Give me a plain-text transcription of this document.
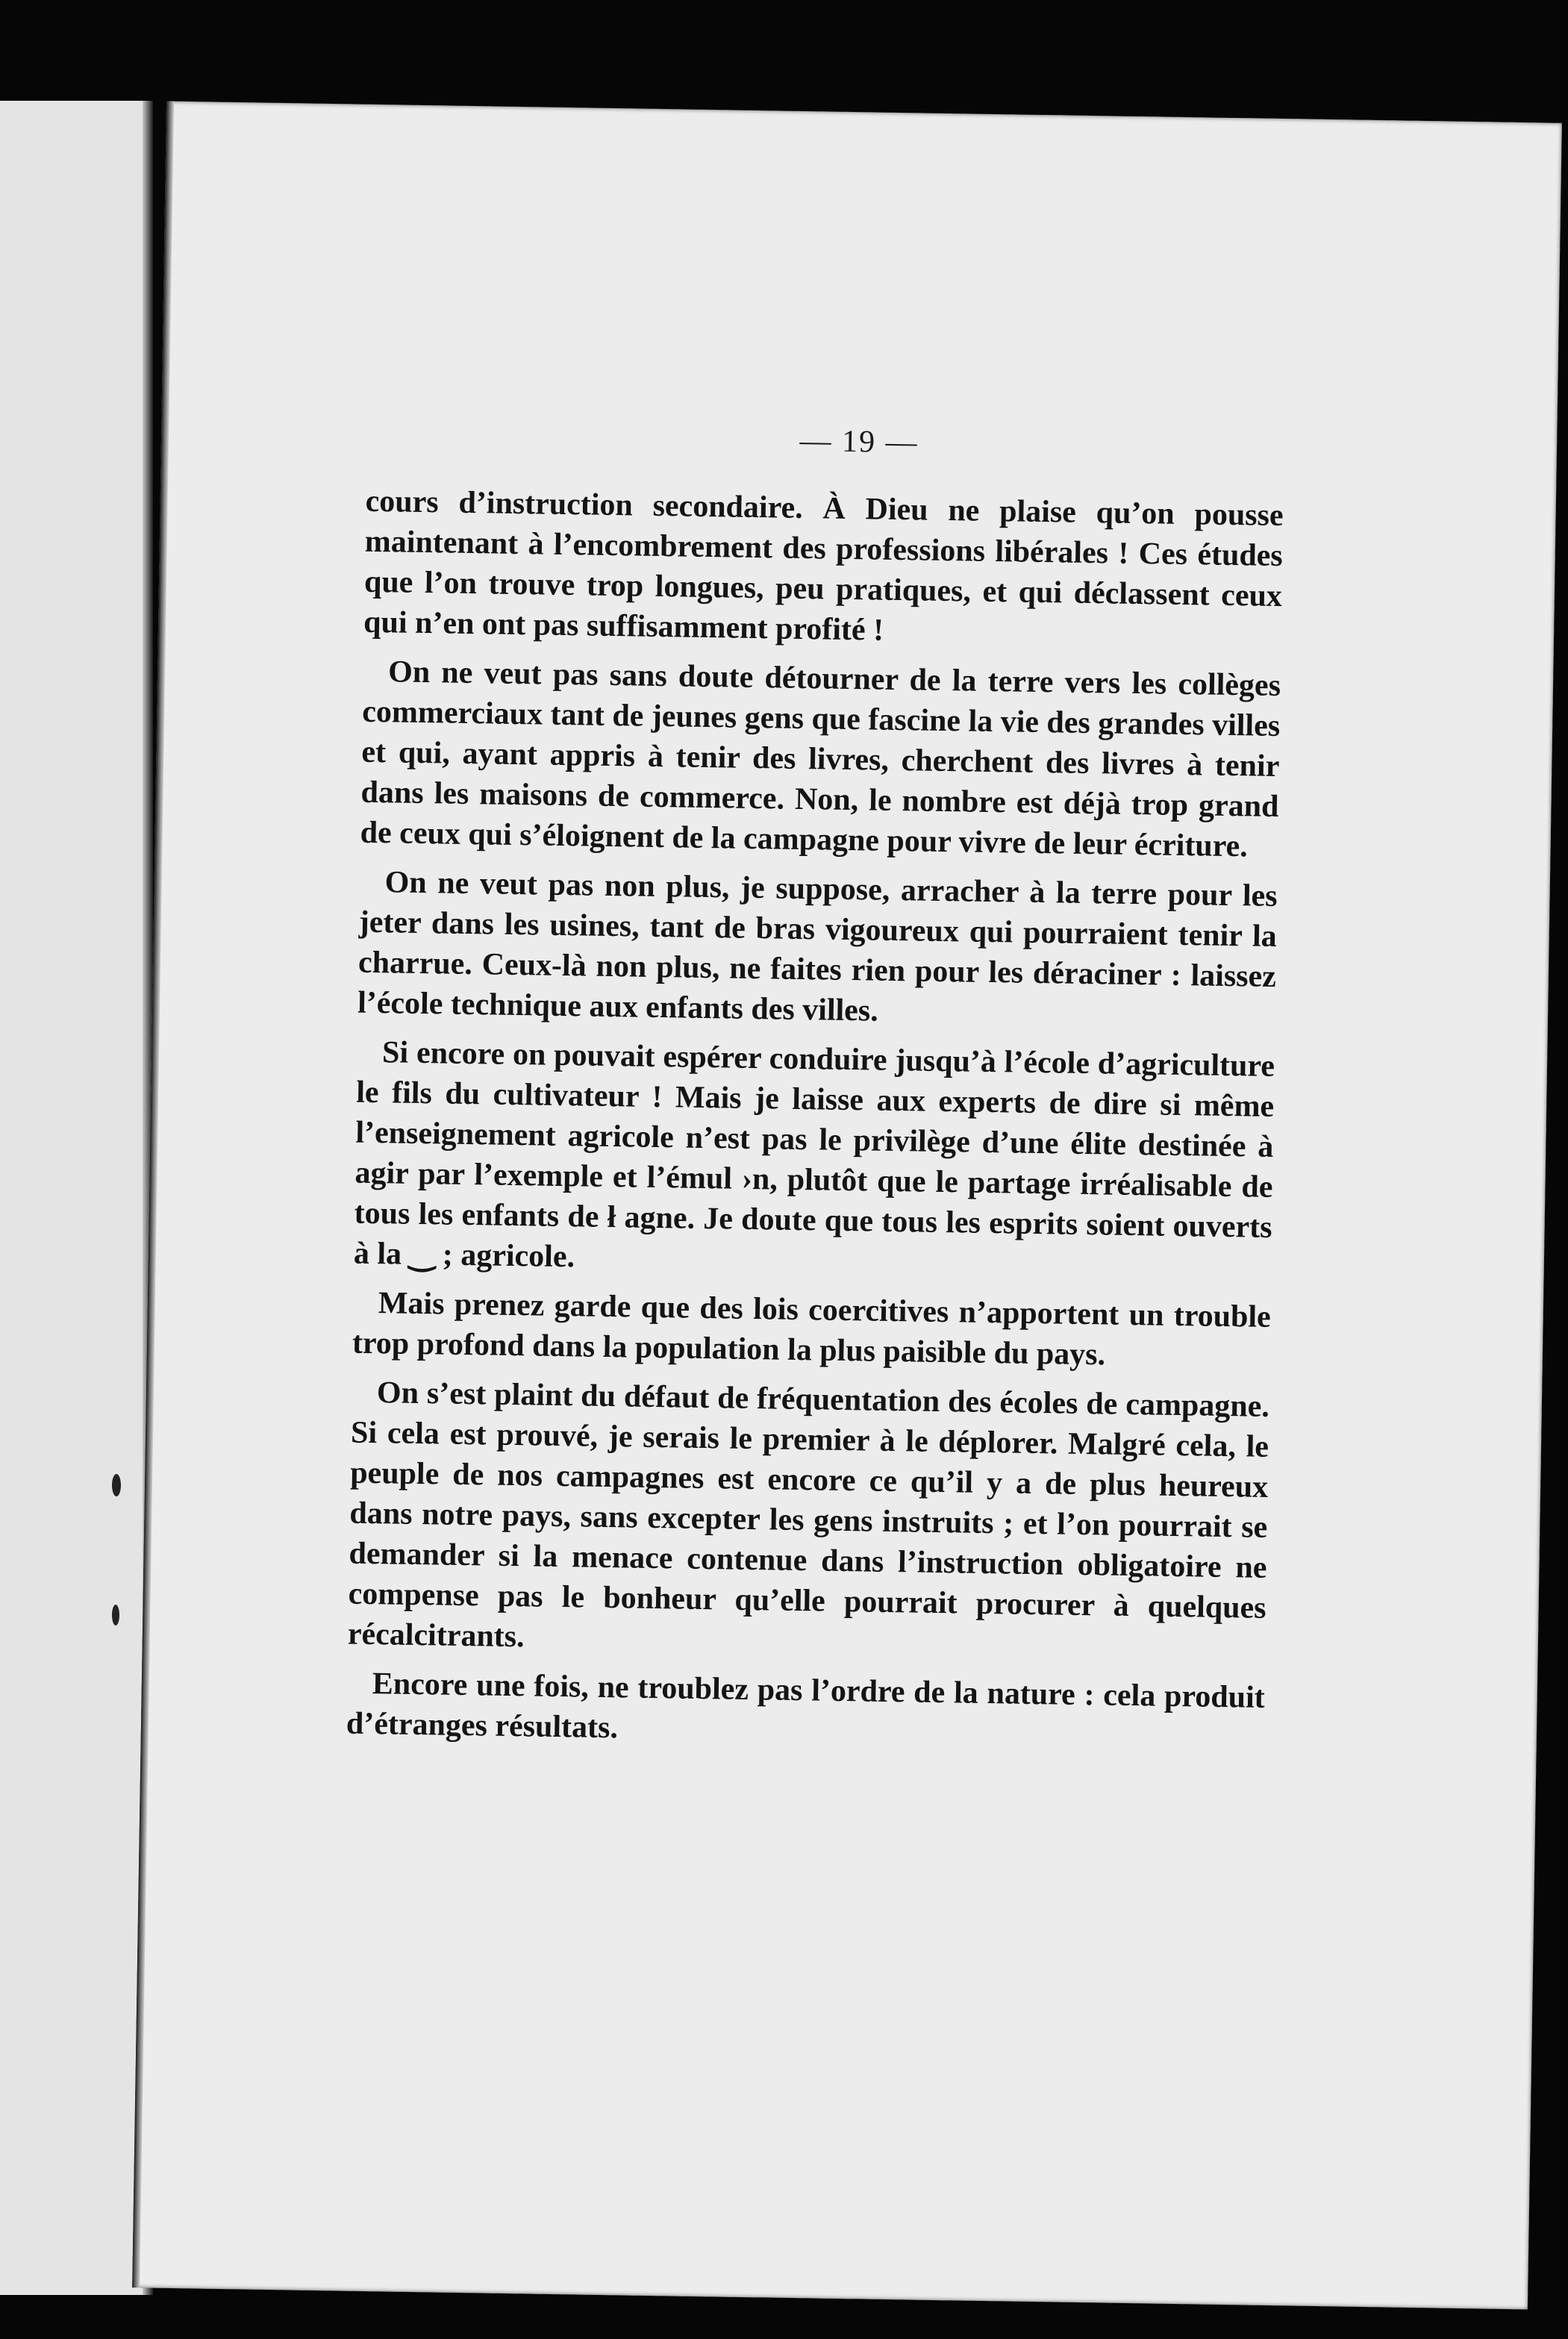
— 19 —

cours d’instruction secondaire. À Dieu ne plaise qu’on pousse maintenant à l’encombrement des professions libérales ! Ces études que l’on trouve trop longues, peu pratiques, et qui déclassent ceux qui n’en ont pas suffisamment profité !

On ne veut pas sans doute détourner de la terre vers les collèges commerciaux tant de jeunes gens que fascine la vie des grandes villes et qui, ayant appris à tenir des livres, cherchent des livres à tenir dans les maisons de commerce. Non, le nombre est déjà trop grand de ceux qui s’éloignent de la campagne pour vivre de leur écriture.

On ne veut pas non plus, je suppose, arracher à la terre pour les jeter dans les usines, tant de bras vigoureux qui pourraient tenir la charrue. Ceux-là non plus, ne faites rien pour les déraciner : laissez l’école technique aux enfants des villes.

Si encore on pouvait espérer conduire jusqu’à l’école d’agriculture le fils du cultivateur ! Mais je laisse aux experts de dire si même l’enseignement agricole n’est pas le privilège d’une élite destinée à agir par l’exemple et l’émul ›n, plutôt que le partage irréalisable de tous les enfants de ł agne. Je doute que tous les esprits soient ouverts à la ‿ ; agricole.

Mais prenez garde que des lois coercitives n’apportent un trouble trop profond dans la population la plus paisible du pays.

On s’est plaint du défaut de fréquentation des écoles de campagne. Si cela est prouvé, je serais le premier à le déplorer. Malgré cela, le peuple de nos campagnes est encore ce qu’il y a de plus heureux dans notre pays, sans excepter les gens instruits ; et l’on pourrait se demander si la menace contenue dans l’instruction obligatoire ne compense pas le bonheur qu’elle pourrait procurer à quelques récalcitrants.

Encore une fois, ne troublez pas l’ordre de la nature : cela produit d’étranges résultats.
